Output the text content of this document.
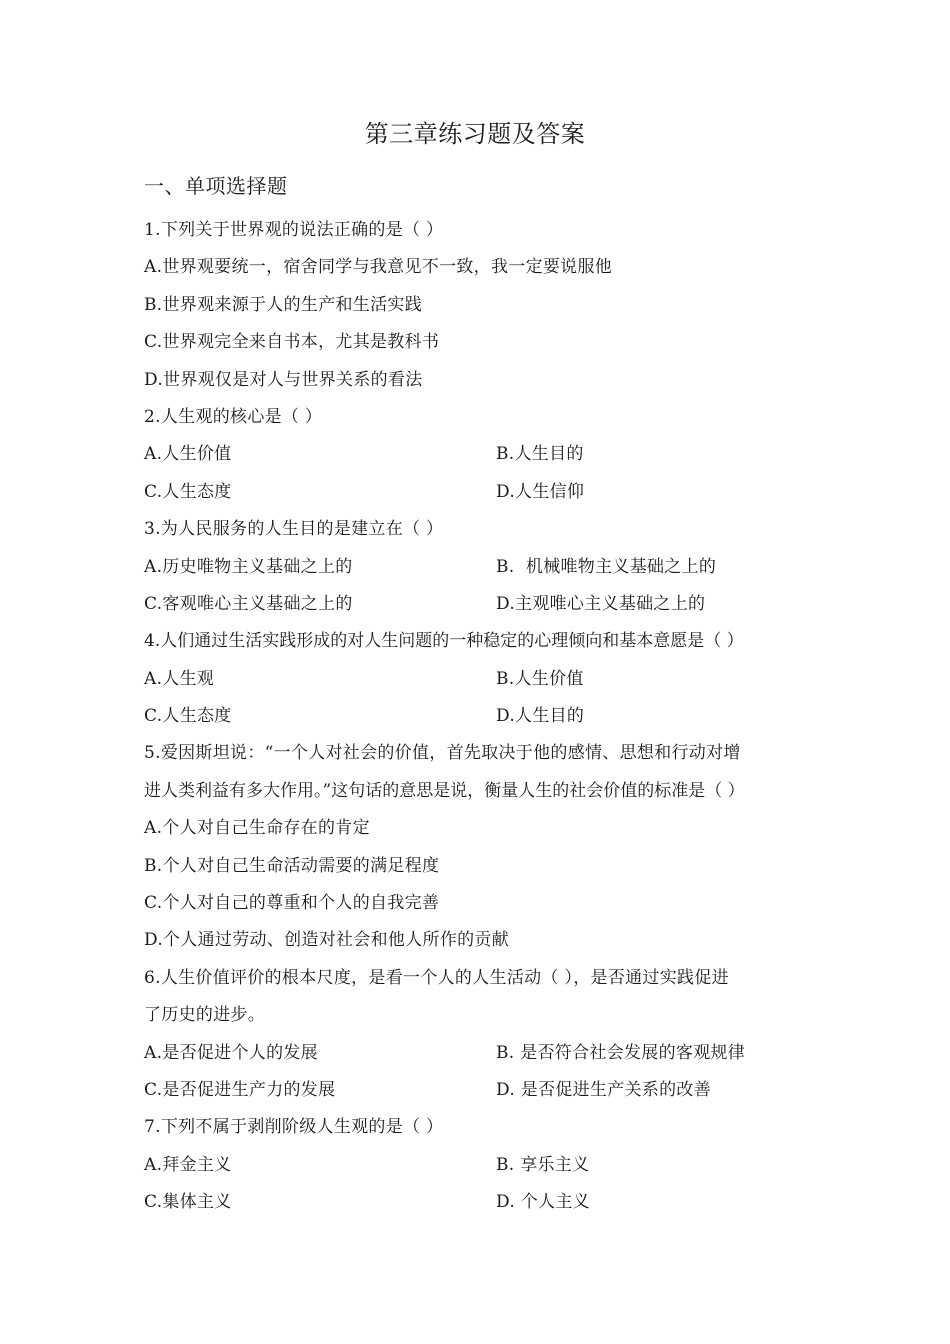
第三章练习题及答案
一、单项选择题
1.下列关于世界观的说法正确的是（ ）
A.世界观要统一，宿舍同学与我意见不一致，我一定要说服他
B.世界观来源于人的生产和生活实践
C.世界观完全来自书本，尤其是教科书
D.世界观仅是对人与世界关系的看法
2.人生观的核心是（ ）
A.人生价值	B.人生目的
C.人生态度	D.人生信仰
3.为人民服务的人生目的是建立在（ ）
A.历史唯物主义基础之上的	B.  机械唯物主义基础之上的
C.客观唯心主义基础之上的	D.主观唯心主义基础之上的
4.人们通过生活实践形成的对人生问题的一种稳定的心理倾向和基本意愿是（ ）
A.人生观	B.人生价值
C.人生态度	D.人生目的
5.爱因斯坦说：“一个人对社会的价值，首先取决于他的感情、思想和行动对增
进人类利益有多大作用。”这句话的意思是说，衡量人生的社会价值的标准是（ ）
A.个人对自己生命存在的肯定
B.个人对自己生命活动需要的满足程度
C.个人对自己的尊重和个人的自我完善
D.个人通过劳动、创造对社会和他人所作的贡献
6.人生价值评价的根本尺度，是看一个人的人生活动（ ），是否通过实践促进
了历史的进步。
A.是否促进个人的发展	B. 是否符合社会发展的客观规律
C.是否促进生产力的发展	D. 是否促进生产关系的改善
7.下列不属于剥削阶级人生观的是（ ）
A.拜金主义	B. 享乐主义
C.集体主义	D. 个人主义
